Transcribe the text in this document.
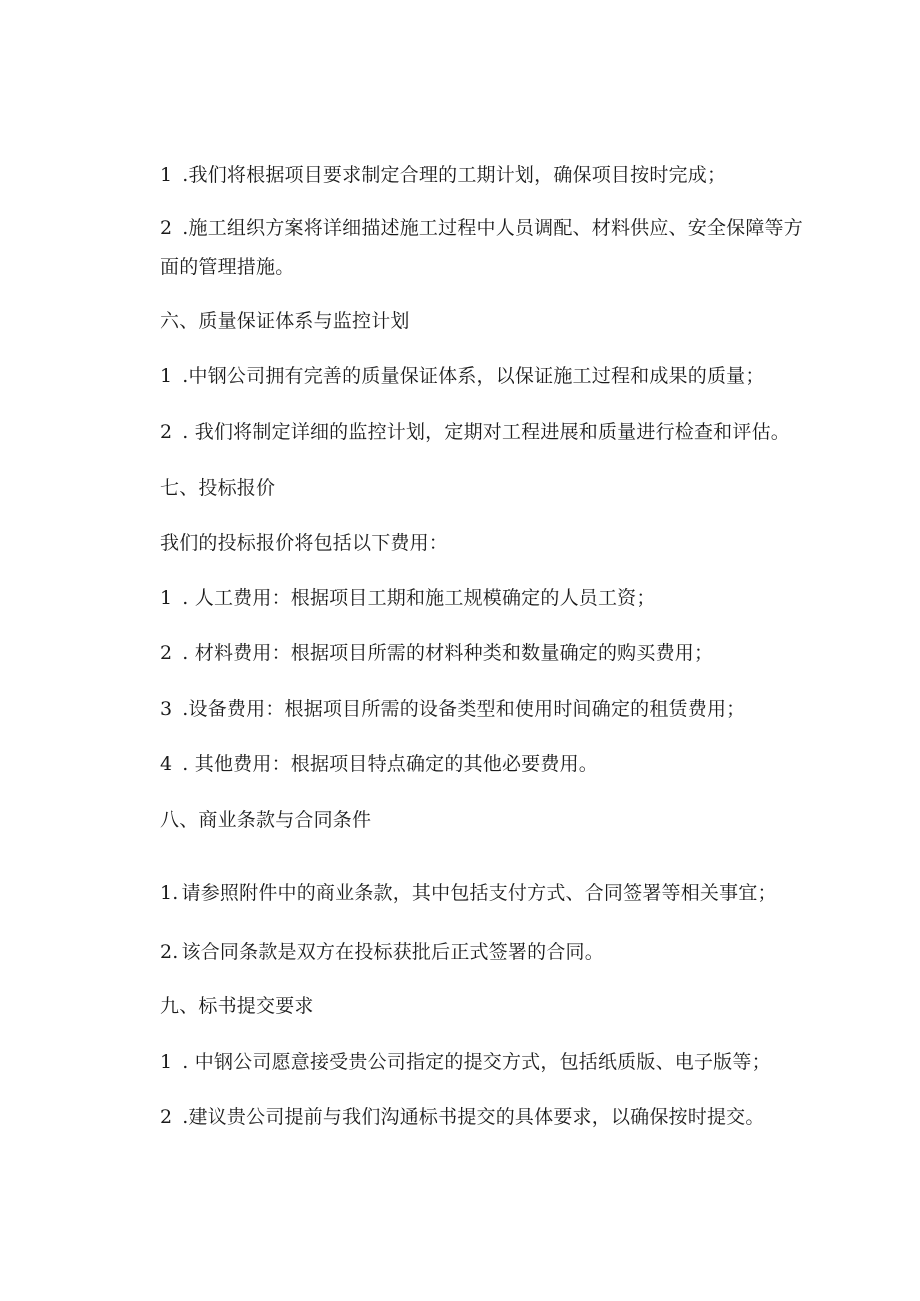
1 .我们将根据项目要求制定合理的工期计划，确保项目按时完成；
2 .施工组织方案将详细描述施工过程中人员调配、材料供应、安全保障等方
面的管理措施。
六、质量保证体系与监控计划
1 .中钢公司拥有完善的质量保证体系，以保证施工过程和成果的质量；
2 . 我们将制定详细的监控计划，定期对工程进展和质量进行检查和评估。
七、投标报价
我们的投标报价将包括以下费用：
1 . 人工费用：根据项目工期和施工规模确定的人员工资；
2 . 材料费用：根据项目所需的材料种类和数量确定的购买费用；
3 .设备费用：根据项目所需的设备类型和使用时间确定的租赁费用；
4 . 其他费用：根据项目特点确定的其他必要费用。
八、商业条款与合同条件
1. 请参照附件中的商业条款，其中包括支付方式、合同签署等相关事宜；
2. 该合同条款是双方在投标获批后正式签署的合同。
九、标书提交要求
1 . 中钢公司愿意接受贵公司指定的提交方式，包括纸质版、电子版等；
2 .建议贵公司提前与我们沟通标书提交的具体要求，以确保按时提交。
